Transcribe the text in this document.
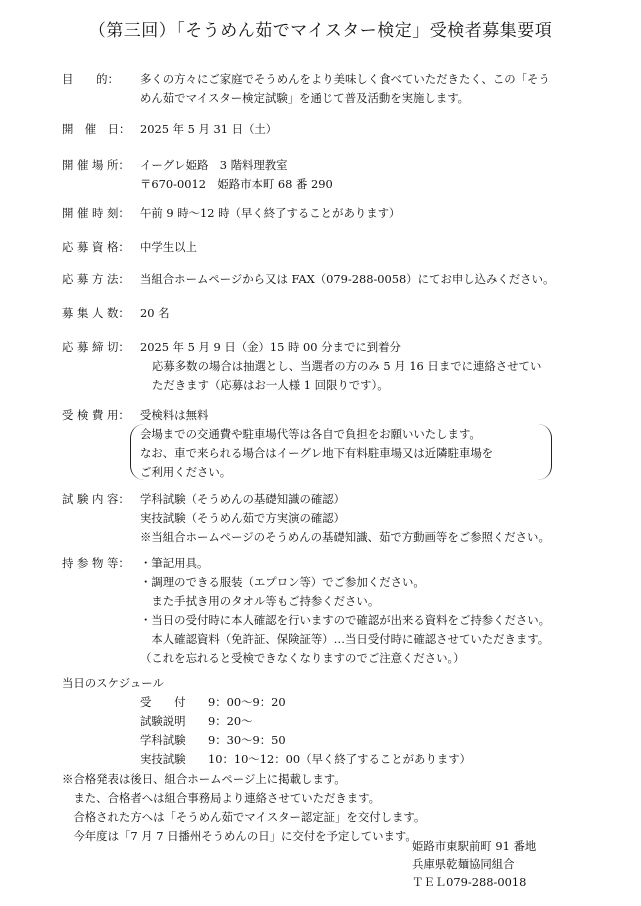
（第三回）「そうめん茹でマイスター検定」受検者募集要項
目　　的：	多くの方々にご家庭でそうめんをより美味しく食べていただきたく、この「そう
めん茹でマイスター検定試験」を通じて普及活動を実施します。
開　催　日： 2025 年 5 月 31 日（土）
開 催 場 所： イーグレ姫路　3 階料理教室
〒670-0012　姫路市本町 68 番 290
開 催 時 刻： 午前 9 時～12 時（早く終了することがあります）
応 募 資 格： 中学生以上
応 募 方 法： 当組合ホームページから又は FAX（079-288-0058）にてお申し込みください。
募 集 人 数： 20 名
応 募 締 切： 2025 年 5 月 9 日（金）15 時 00 分までに到着分
応募多数の場合は抽選とし、当選者の方のみ 5 月 16 日までに連絡させてい
ただきます（応募はお一人様 1 回限りです）。
受 検 費 用： 受検料は無料
会場までの交通費や駐車場代等は各自で負担をお願いいたします。
なお、車で来られる場合はイーグレ地下有料駐車場又は近隣駐車場を
ご利用ください。
試 験 内 容： 学科試験（そうめんの基礎知識の確認）
実技試験（そうめん茹で方実演の確認）
※当組合ホームページのそうめんの基礎知識、茹で方動画等をご参照ください。
持 参 物 等： ・筆記用具。
・調理のできる服装（エプロン等）でご参加ください。
　また手拭き用のタオル等もご持参ください。
・当日の受付時に本人確認を行いますので確認が出来る資料をご持参ください。
　本人確認資料（免許証、保険証等）…当日受付時に確認させていただきます。
（これを忘れると受検できなくなりますのでご注意ください。）
当日のスケジュール
受　　付	9：00～9：20
試験説明	9：20～
学科試験	9：30～9：50
実技試験	10：10～12：00（早く終了することがあります）
※合格発表は後日、組合ホームページ上に掲載します。
　また、合格者へは組合事務局より連絡させていただきます。
　合格された方へは「そうめん茹でマイスター認定証」を交付します。
　今年度は「7 月 7 日播州そうめんの日」に交付を予定しています。
姫路市東駅前町 91 番地
兵庫県乾麺協同組合
ＴＥＬ079-288-0018
